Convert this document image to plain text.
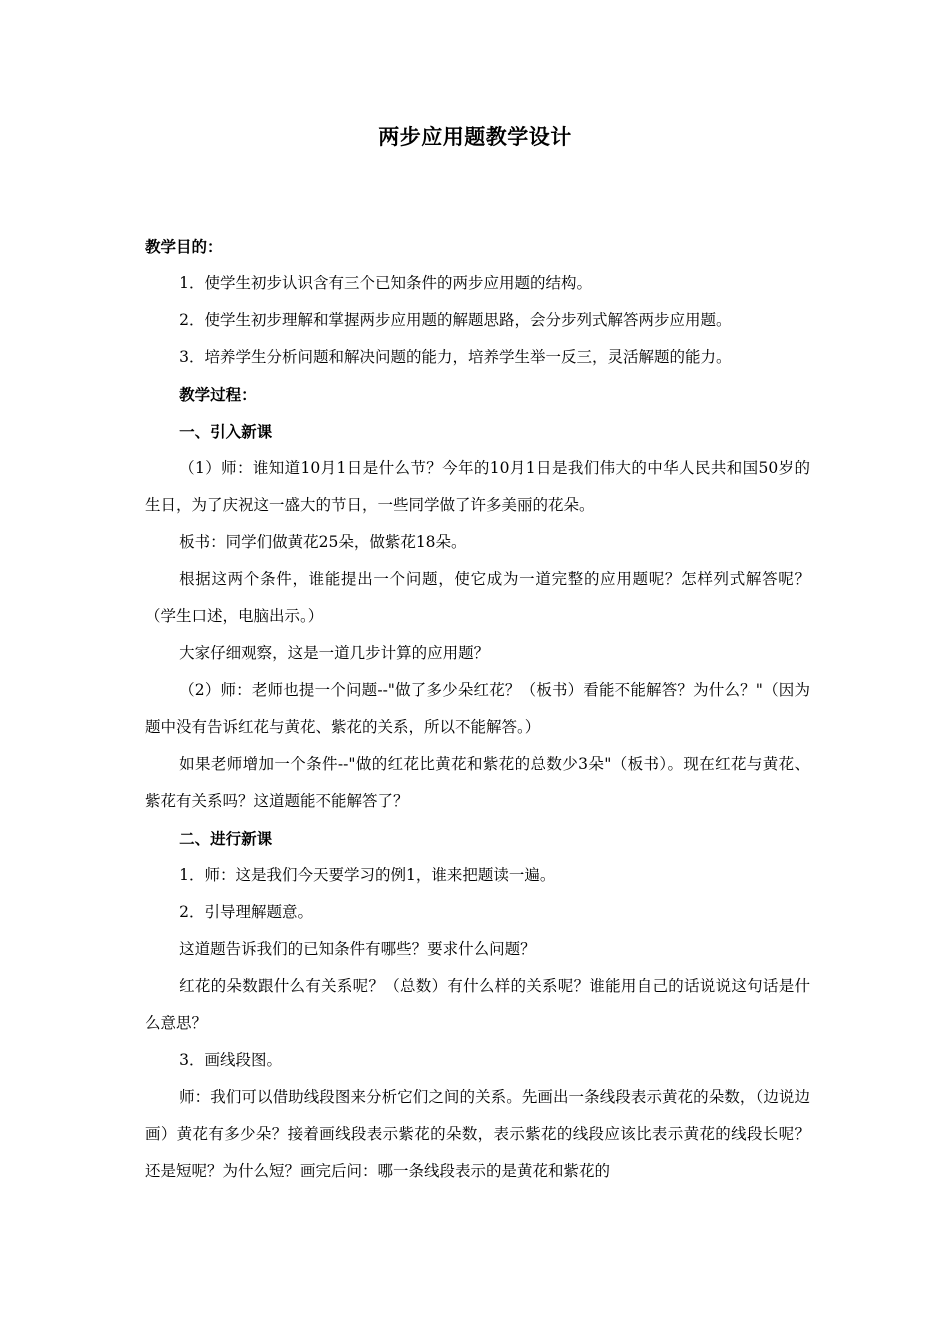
两步应用题教学设计

教学目的：

1．使学生初步认识含有三个已知条件的两步应用题的结构。

2．使学生初步理解和掌握两步应用题的解题思路，会分步列式解答两步应用题。

3．培养学生分析问题和解决问题的能力，培养学生举一反三，灵活解题的能力。

教学过程：

一、引入新课

（1）师：谁知道10月1日是什么节？今年的10月1日是我们伟大的中华人民共和国50岁的生日，为了庆祝这一盛大的节日，一些同学做了许多美丽的花朵。

板书：同学们做黄花25朵，做紫花18朵。

根据这两个条件，谁能提出一个问题，使它成为一道完整的应用题呢？怎样列式解答呢？（学生口述，电脑出示。）

大家仔细观察，这是一道几步计算的应用题？

（2）师：老师也提一个问题--"做了多少朵红花？（板书）看能不能解答？为什么？"（因为题中没有告诉红花与黄花、紫花的关系，所以不能解答。）

如果老师增加一个条件--"做的红花比黄花和紫花的总数少3朵"（板书）。现在红花与黄花、紫花有关系吗？这道题能不能解答了？

二、进行新课

1．师：这是我们今天要学习的例1，谁来把题读一遍。

2．引导理解题意。

这道题告诉我们的已知条件有哪些？要求什么问题？

红花的朵数跟什么有关系呢？（总数）有什么样的关系呢？谁能用自己的话说说这句话是什么意思？

3．画线段图。

师：我们可以借助线段图来分析它们之间的关系。先画出一条线段表示黄花的朵数，（边说边画）黄花有多少朵？接着画线段表示紫花的朵数，表示紫花的线段应该比表示黄花的线段长呢？还是短呢？为什么短？画完后问：哪一条线段表示的是黄花和紫花的
